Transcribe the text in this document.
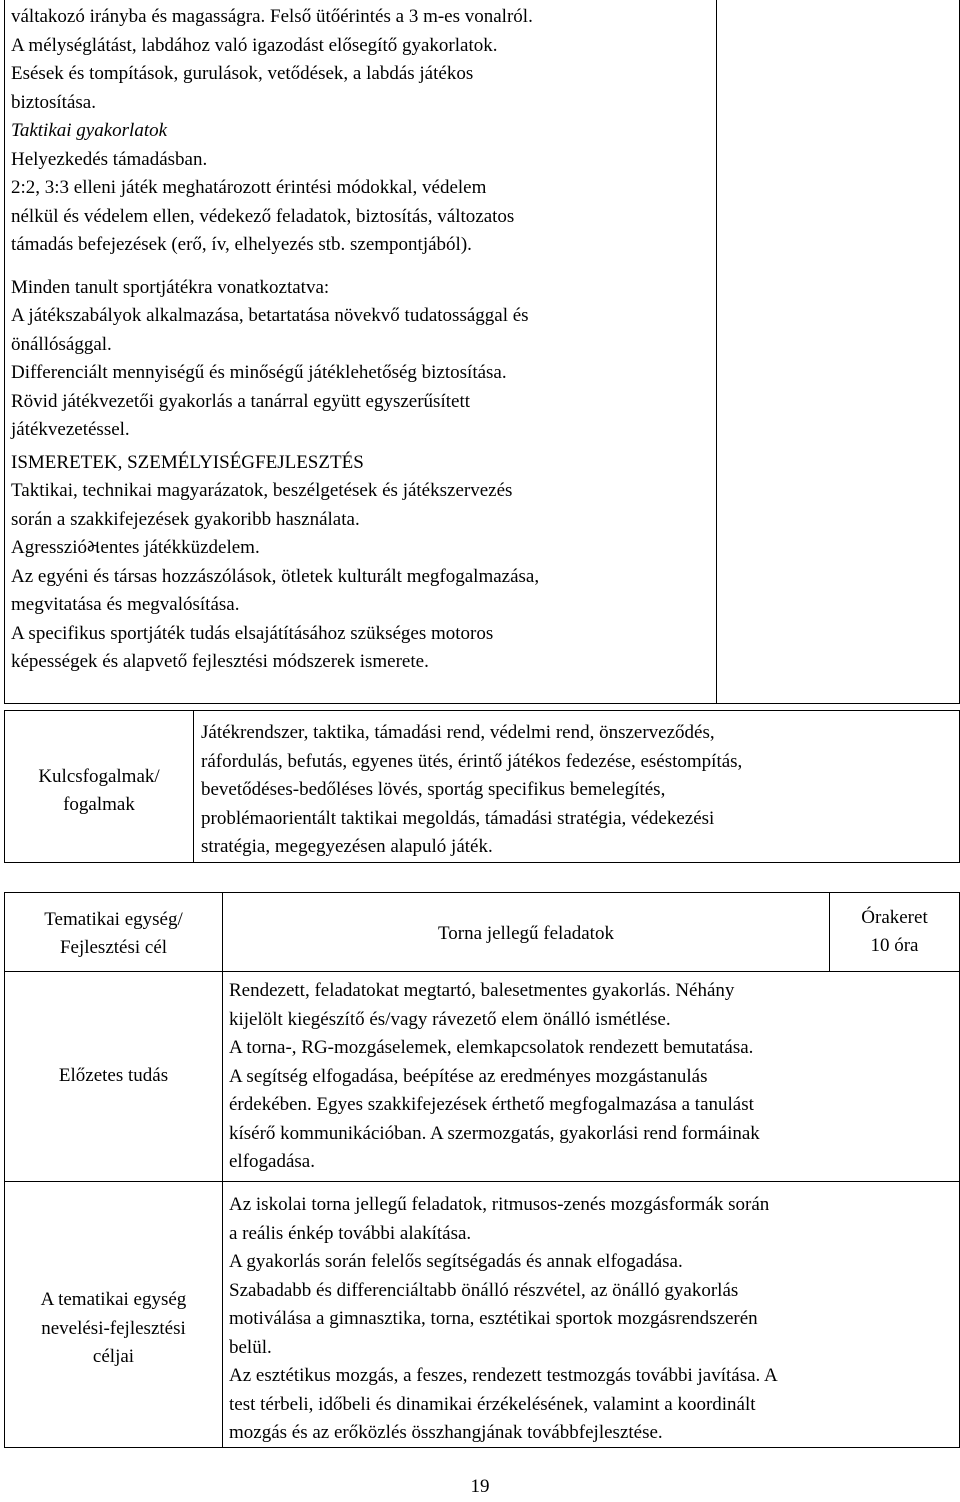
váltakozó irányba és magasságra. Felső ütőérintés a 3 m-es vonalról.
A mélységlátást, labdához való igazodást elősegítő gyakorlatok.
Esések és tompítások, gurulások, vetődések, a labdás játékos
biztosítása.
Taktikai gyakorlatok
Helyezkedés támadásban.
2:2, 3:3 elleni játék meghatározott érintési módokkal, védelem
nélkül és védelem ellen, védekező feladatok, biztosítás, változatos
támadás befejezések (erő, ív, elhelyezés stb. szempontjából).
Minden tanult sportjátékra vonatkoztatva:
A játékszabályok alkalmazása, betartatása növekvő tudatossággal és
önállósággal.
Differenciált mennyiségű és minőségű játéklehetőség biztosítása.
Rövid játékvezetői gyakorlás a tanárral együtt egyszerűsített
játékvezetéssel.
ISMERETEK, SZEMÉLYISÉGFEJLESZTÉS
Taktikai, technikai magyarázatok, beszélgetések és játékszervezés
során a szakkifejezések gyakoribb használata.
Agresszióમentes játékküzdelem.
Az egyéni és társas hozzászólások, ötletek kulturált megfogalmazása,
megvitatása és megvalósítása.
A specifikus sportjáték tudás elsajátításához szükséges motoros
képességek és alapvető fejlesztési módszerek ismerete.
Kulcsfogalmak/
fogalmak
Játékrendszer, taktika, támadási rend, védelmi rend, önszerveződés,
ráfordulás, befutás, egyenes ütés, érintő játékos fedezése, eséstompítás,
bevetődéses-bedőléses lövés, sportág specifikus bemelegítés,
problémaorientált taktikai megoldás, támadási stratégia, védekezési
stratégia, megegyezésen alapuló játék.
Tematikai egység/
Fejlesztési cél
Torna jellegű feladatok
Órakeret
10 óra
Előzetes tudás
Rendezett, feladatokat megtartó, balesetmentes gyakorlás. Néhány
kijelölt kiegészítő és/vagy rávezető elem önálló ismétlése.
A torna-, RG-mozgáselemek, elemkapcsolatok rendezett bemutatása.
A segítség elfogadása, beépítése az eredményes mozgástanulás
érdekében. Egyes szakkifejezések érthető megfogalmazása a tanulást
kísérő kommunikációban. A szermozgatás, gyakorlási rend formáinak
elfogadása.
A tematikai egység
nevelési-fejlesztési
céljai
Az iskolai torna jellegű feladatok, ritmusos-zenés mozgásformák során
a reális énkép további alakítása.
A gyakorlás során felelős segítségadás és annak elfogadása.
Szabadabb és differenciáltabb önálló részvétel, az önálló gyakorlás
motiválása a gimnasztika, torna, esztétikai sportok mozgásrendszerén
belül.
Az esztétikus mozgás, a feszes, rendezett testmozgás további javítása. A
test térbeli, időbeli és dinamikai érzékelésének, valamint a koordinált
mozgás és az erőközlés összhangjának továbbfejlesztése.
19
